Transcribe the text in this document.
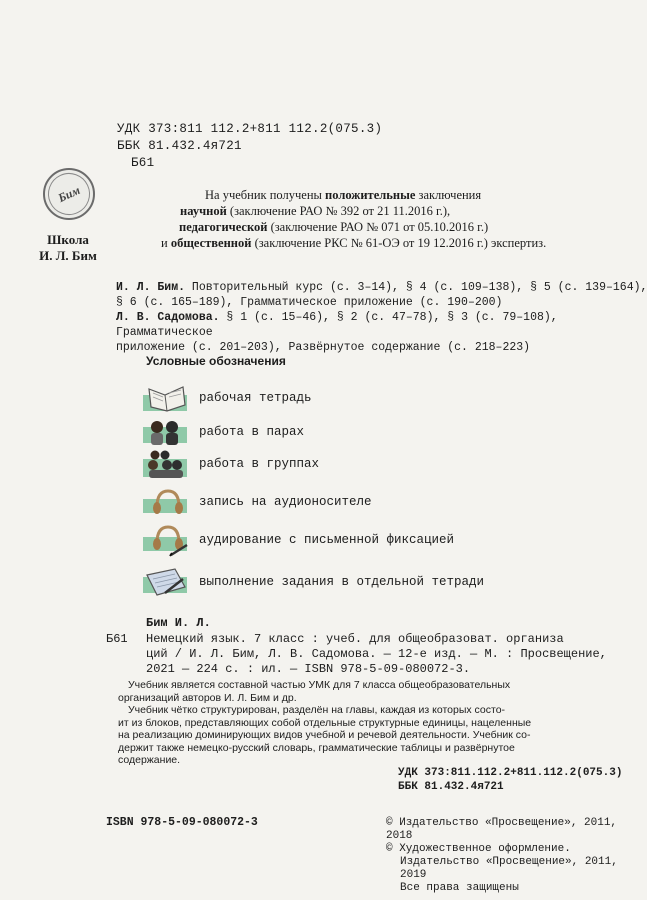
УДК 373:811 112.2+811 112.2(075.3)
ББК 81.432.4я721
Б61
Бим
Школа
И. Л. Бим
На учебник получены положительные заключения
научной (заключение РАО № 392 от 21 11.2016 г.),
педагогической (заключение РАО № 071 от 05.10.2016 г.)
и общественной (заключение РКС № 61-ОЭ от 19 12.2016 г.) экспертиз.
И. Л. Бим. Повторительный курс (с. 3–14), § 4 (с. 109–138), § 5 (с. 139–164),
§ 6 (с. 165–189), Грамматическое приложение (с. 190–200)
Л. В. Садомова. § 1 (с. 15–46), § 2 (с. 47–78), § 3 (с. 79–108), Грамматическое
приложение (с. 201–203), Развёрнутое содержание (с. 218–223)
Условные обозначения
рабочая тетрадь
работа в парах
работа в группах
запись на аудионосителе
аудирование с письменной фиксацией
выполнение задания в отдельной тетради
Бим И. Л.
Б61 Немецкий язык. 7 класс : учеб. для общеобразоват. организа
ций / И. Л. Бим, Л. В. Садомова. — 12-е изд. — М. : Просвещение,
2021 — 224 с. : ил. — ISBN 978-5-09-080072-3.
Учебник является составной частью УМК для 7 класса общеобразовательных
организаций авторов И. Л. Бим и др.
Учебник чётко структурирован, разделён на главы, каждая из которых состо-
ит из блоков, представляющих собой отдельные структурные единицы, нацеленные
на реализацию доминирующих видов учебной и речевой деятельности. Учебник со-
держит также немецко-русский словарь, грамматические таблицы и развёрнутое
содержание.
УДК 373:811.112.2+811.112.2(075.3)
ББК 81.432.4я721
ISBN 978-5-09-080072-3	© Издательство «Просвещение», 2011, 2018
© Художественное оформление.
Издательство «Просвещение», 2011, 2019
Все права защищены
